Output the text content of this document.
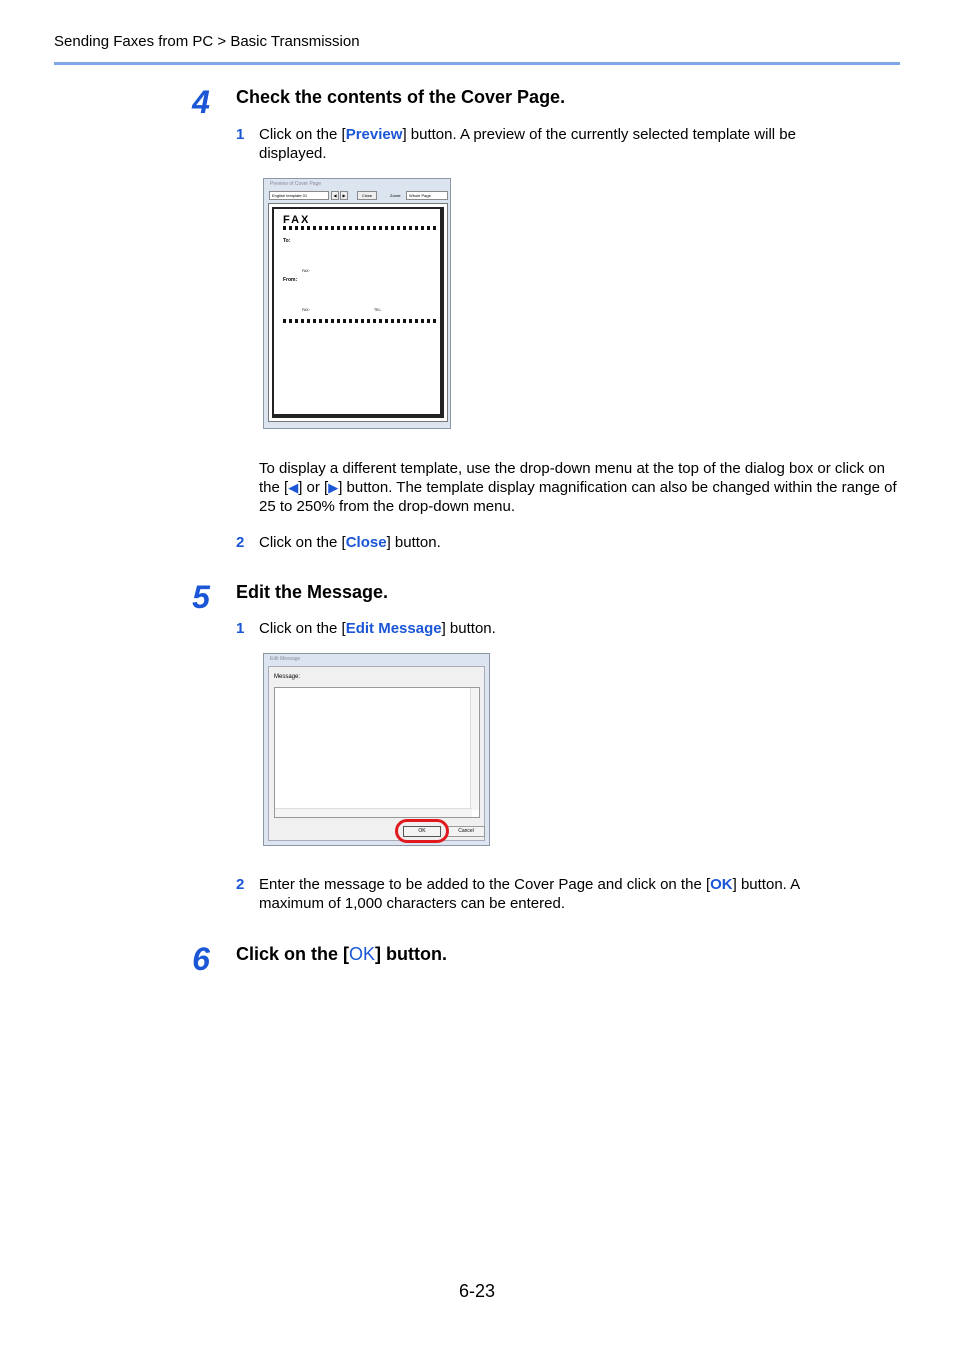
Sending Faxes from PC > Basic Transmission
4	Check the contents of the Cover Page.
1 Click on the [Preview] button. A preview of the currently selected template will be displayed.
Preview of Cover Page
English template 01	◀	▶	Close	Zoom:	Whole Page
FAX
To:
FAX:
From:
FAX:	TEL:
To display a different template, use the drop-down menu at the top of the dialog box or click on the [◀] or [▶] button. The template display magnification can also be changed within the range of 25 to 250% from the drop-down menu.
2 Click on the [Close] button.
5	Edit the Message.
1 Click on the [Edit Message] button.
Edit Message
Message:
OK	Cancel
2 Enter the message to be added to the Cover Page and click on the [OK] button. A maximum of 1,000 characters can be entered.
6	Click on the [OK] button.
6-23
